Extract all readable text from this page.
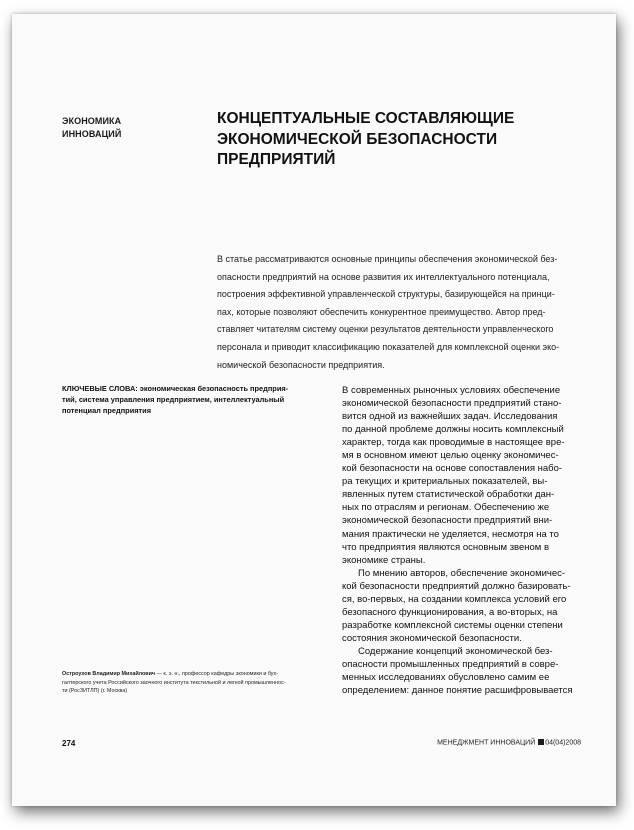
ЭКОНОМИКА
ИННОВАЦИЙ
КОНЦЕПТУАЛЬНЫЕ СОСТАВЛЯЮЩИЕ
ЭКОНОМИЧЕСКОЙ БЕЗОПАСНОСТИ
ПРЕДПРИЯТИЙ
В статье рассматриваются основные принципы обеспечения экономической без-
опасности предприятий на основе развития их интеллектуального потенциала,
построения эффективной управленческой структуры, базирующейся на принци-
пах, которые позволяют обеспечить конкурентное преимущество. Автор пред-
ставляет читателям систему оценки результатов деятельности управленческого
персонала и приводит классификацию показателей для комплексной оценки эко-
номической безопасности предприятия.
КЛЮЧЕВЫЕ СЛОВА: экономическая безопасность предприя-
тий, система управления предприятием, интеллектуальный
потенциал предприятия
В современных рыночных условиях обеспечение
экономической безопасности предприятий стано-
вится одной из важнейших задач. Исследования
по данной проблеме должны носить комплексный
характер, тогда как проводимые в настоящее вре-
мя в основном имеют целью оценку экономичес-
кой безопасности на основе сопоставления набо-
ра текущих и критериальных показателей, вы-
явленных путем статистической обработки дан-
ных по отраслям и регионам. Обеспечению же
экономической безопасности предприятий вни-
мания практически не уделяется, несмотря на то
что предприятия являются основным звеном в
экономике страны.
По мнению авторов, обеспечение экономичес-
кой безопасности предприятий должно базировать-
ся, во-первых, на создании комплекса условий его
безопасного функционирования, а во-вторых, на
разработке комплексной системы оценки степени
состояния экономической безопасности.
Содержание концепций экономической без-
опасности промышленных предприятий в совре-
менных исследованиях обусловлено самим ее
определением: данное понятие расшифровывается
Остроухов Владимир Михайлович — к. э. н., профессор кафедры экономики и бух-
галтерского учета Российского заочного института текстильной и легкой промышленнос-
ти (РосЗИТЛП) (г. Москва)
274	МЕНЕДЖМЕНТ ИННОВАЦИЙ 04(04)2008
